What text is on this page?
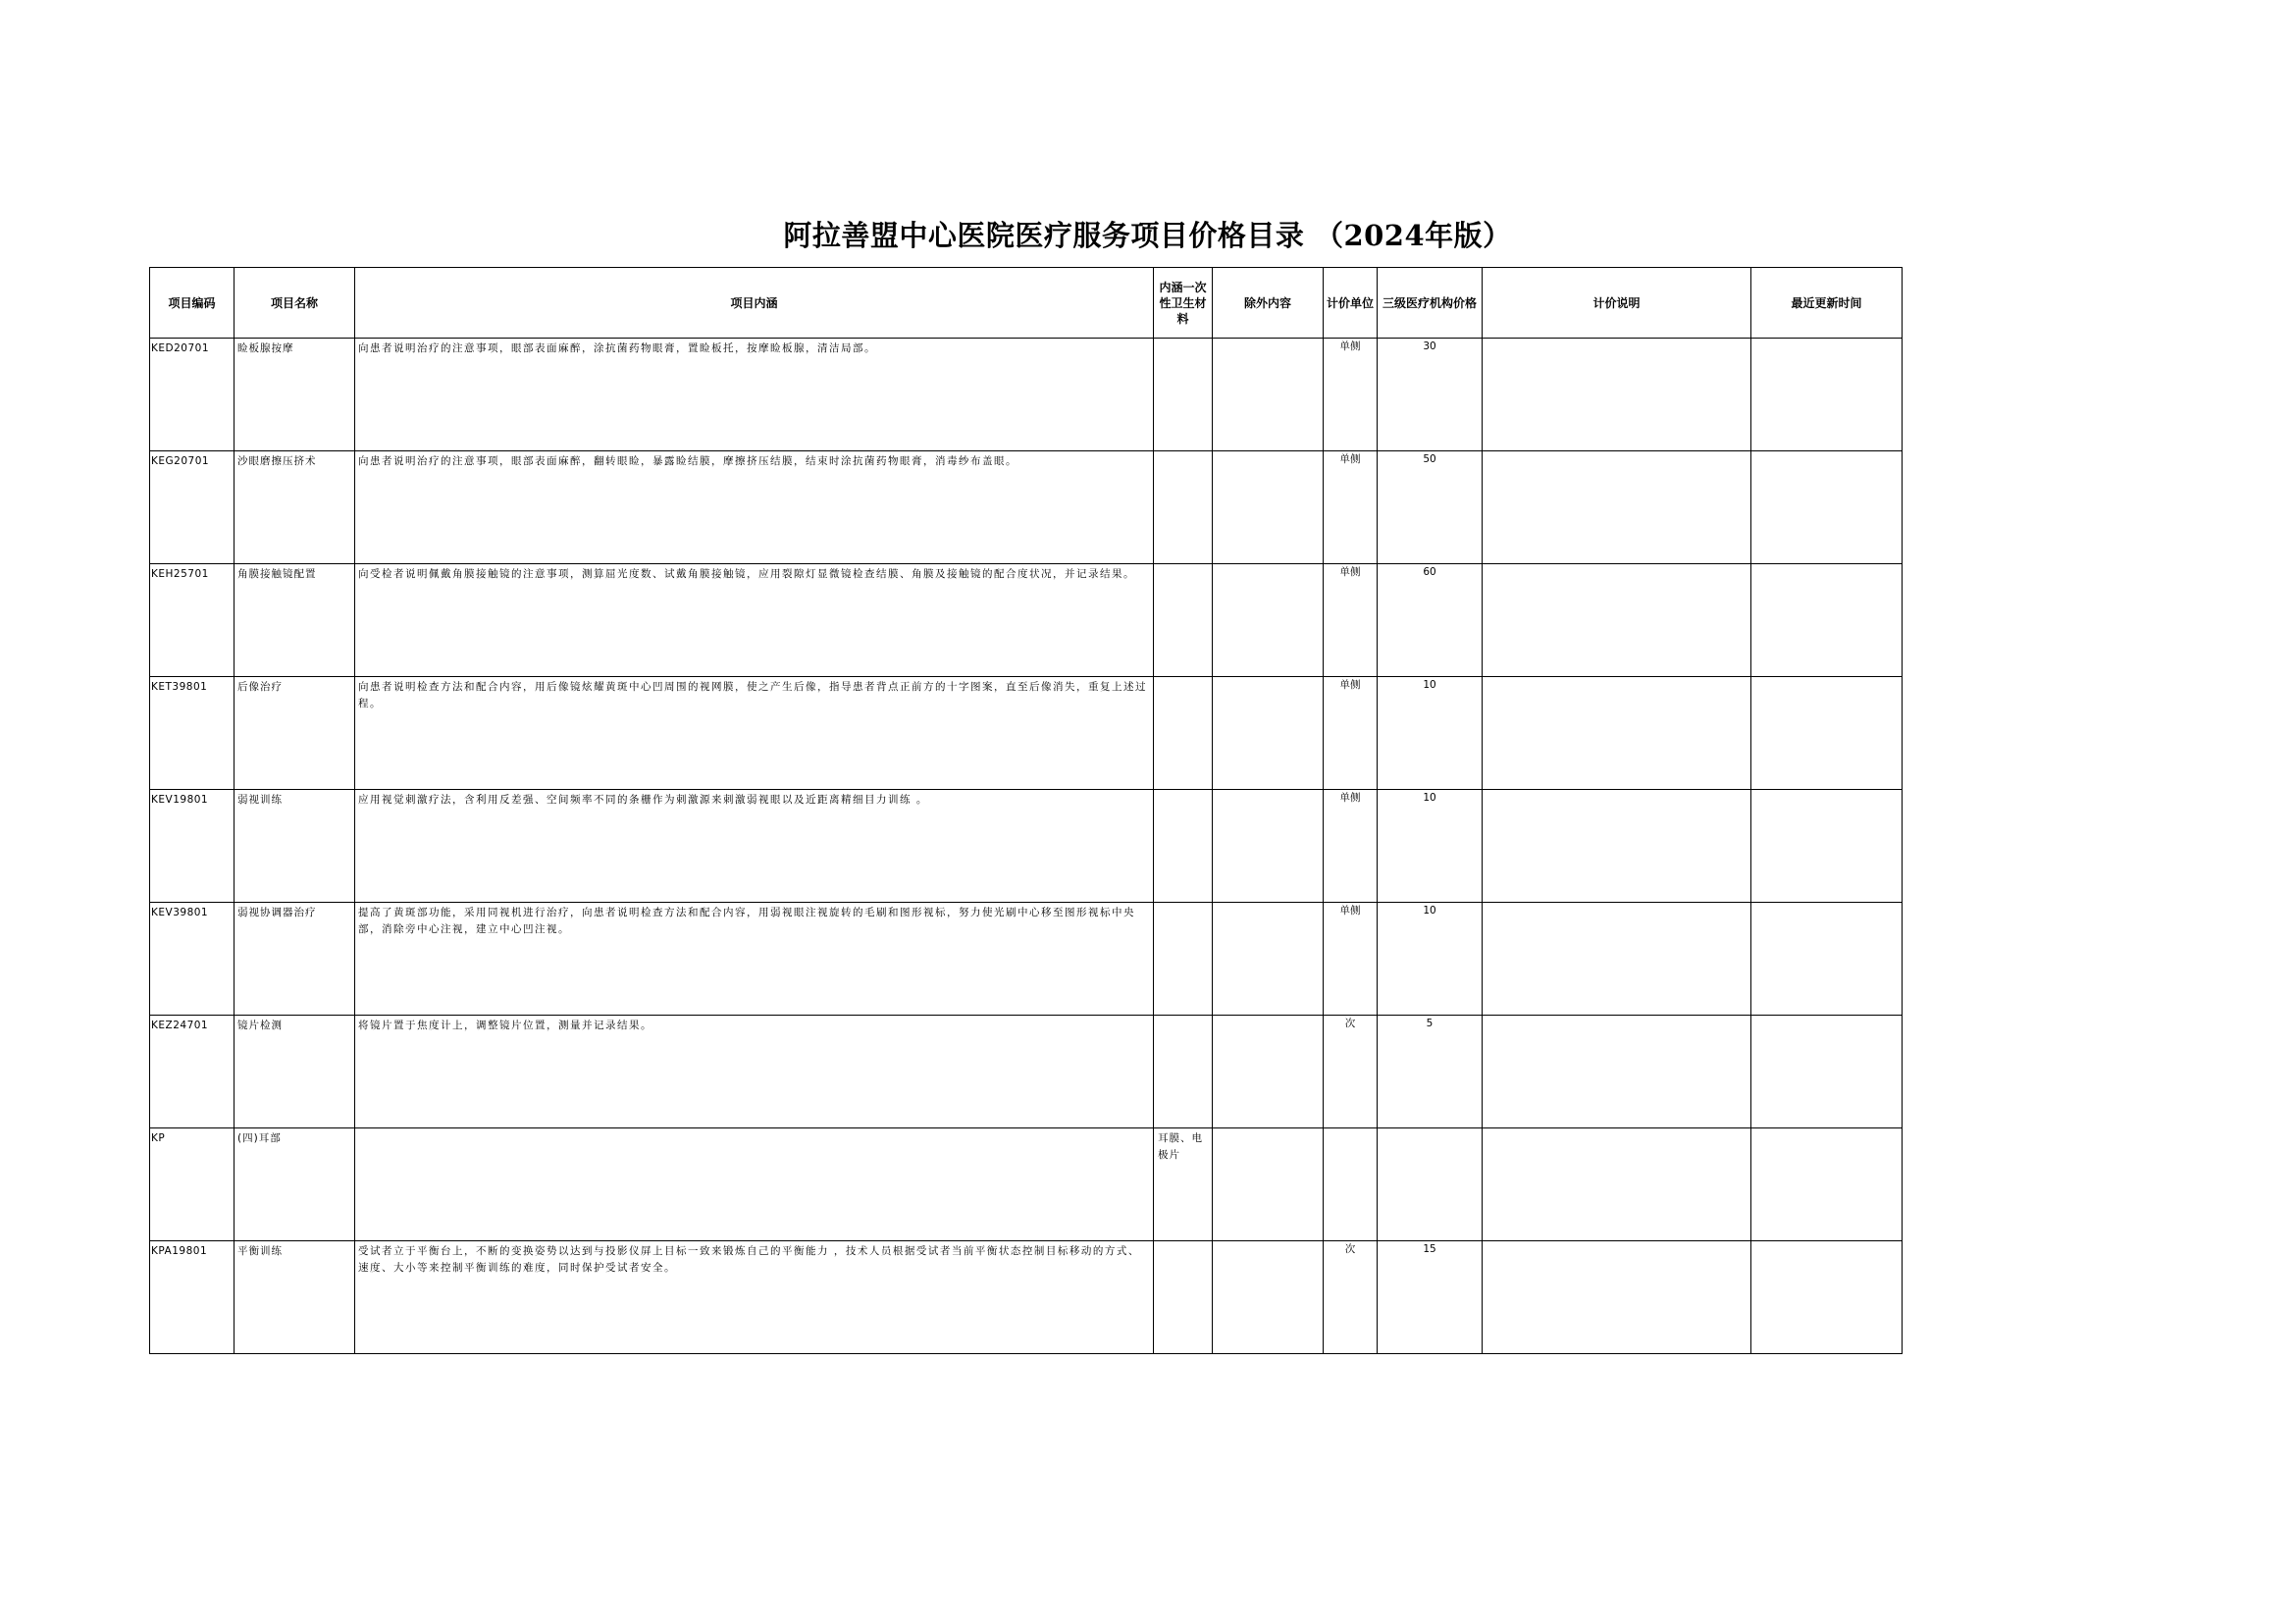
阿拉善盟中心医院医疗服务项目价格目录 （2024年版）
项目编码	项目名称	项目内涵	内涵一次性卫生材料	除外内容	计价单位	三级医疗机构价格	计价说明	最近更新时间

KED20701	睑板腺按摩	向患者说明治疗的注意事项，眼部表面麻醉，涂抗菌药物眼膏，置睑板托，按摩睑板腺，清洁局部。			单侧	30		

KEG20701	沙眼磨擦压挤术	向患者说明治疗的注意事项，眼部表面麻醉，翻转眼睑，暴露睑结膜，摩擦挤压结膜，结束时涂抗菌药物眼膏，消毒纱布盖眼。			单侧	50		

KEH25701	角膜接触镜配置	向受检者说明佩戴角膜接触镜的注意事项，测算屈光度数、试戴角膜接触镜，应用裂隙灯显微镜检查结膜、角膜及接触镜的配合度状况，并记录结果。			单侧	60		

KET39801	后像治疗	向患者说明检查方法和配合内容，用后像镜炫耀黄斑中心凹周围的视网膜，使之产生后像，指导患者背点正前方的十字图案，直至后像消失，重复上述过程。			单侧	10		

KEV19801	弱视训练	应用视觉刺激疗法，含利用反差强、空间频率不同的条栅作为刺激源来刺激弱视眼以及近距离精细目力训练 。			单侧	10		

KEV39801	弱视协调器治疗	提高了黄斑部功能，采用同视机进行治疗，向患者说明检查方法和配合内容，用弱视眼注视旋转的毛刷和图形视标，努力使光刷中心移至图形视标中央部，消除旁中心注视，建立中心凹注视。			单侧	10		

KEZ24701	镜片检测	将镜片置于焦度计上，调整镜片位置，测量并记录结果。			次	5		

KP	(四)耳部		耳膜、电极片					

KPA19801	平衡训练	受试者立于平衡台上，不断的变换姿势以达到与投影仪屏上目标一致来锻炼自己的平衡能力 ，技术人员根据受试者当前平衡状态控制目标移动的方式、速度、大小等来控制平衡训练的难度，同时保护受试者安全。			次	15		
